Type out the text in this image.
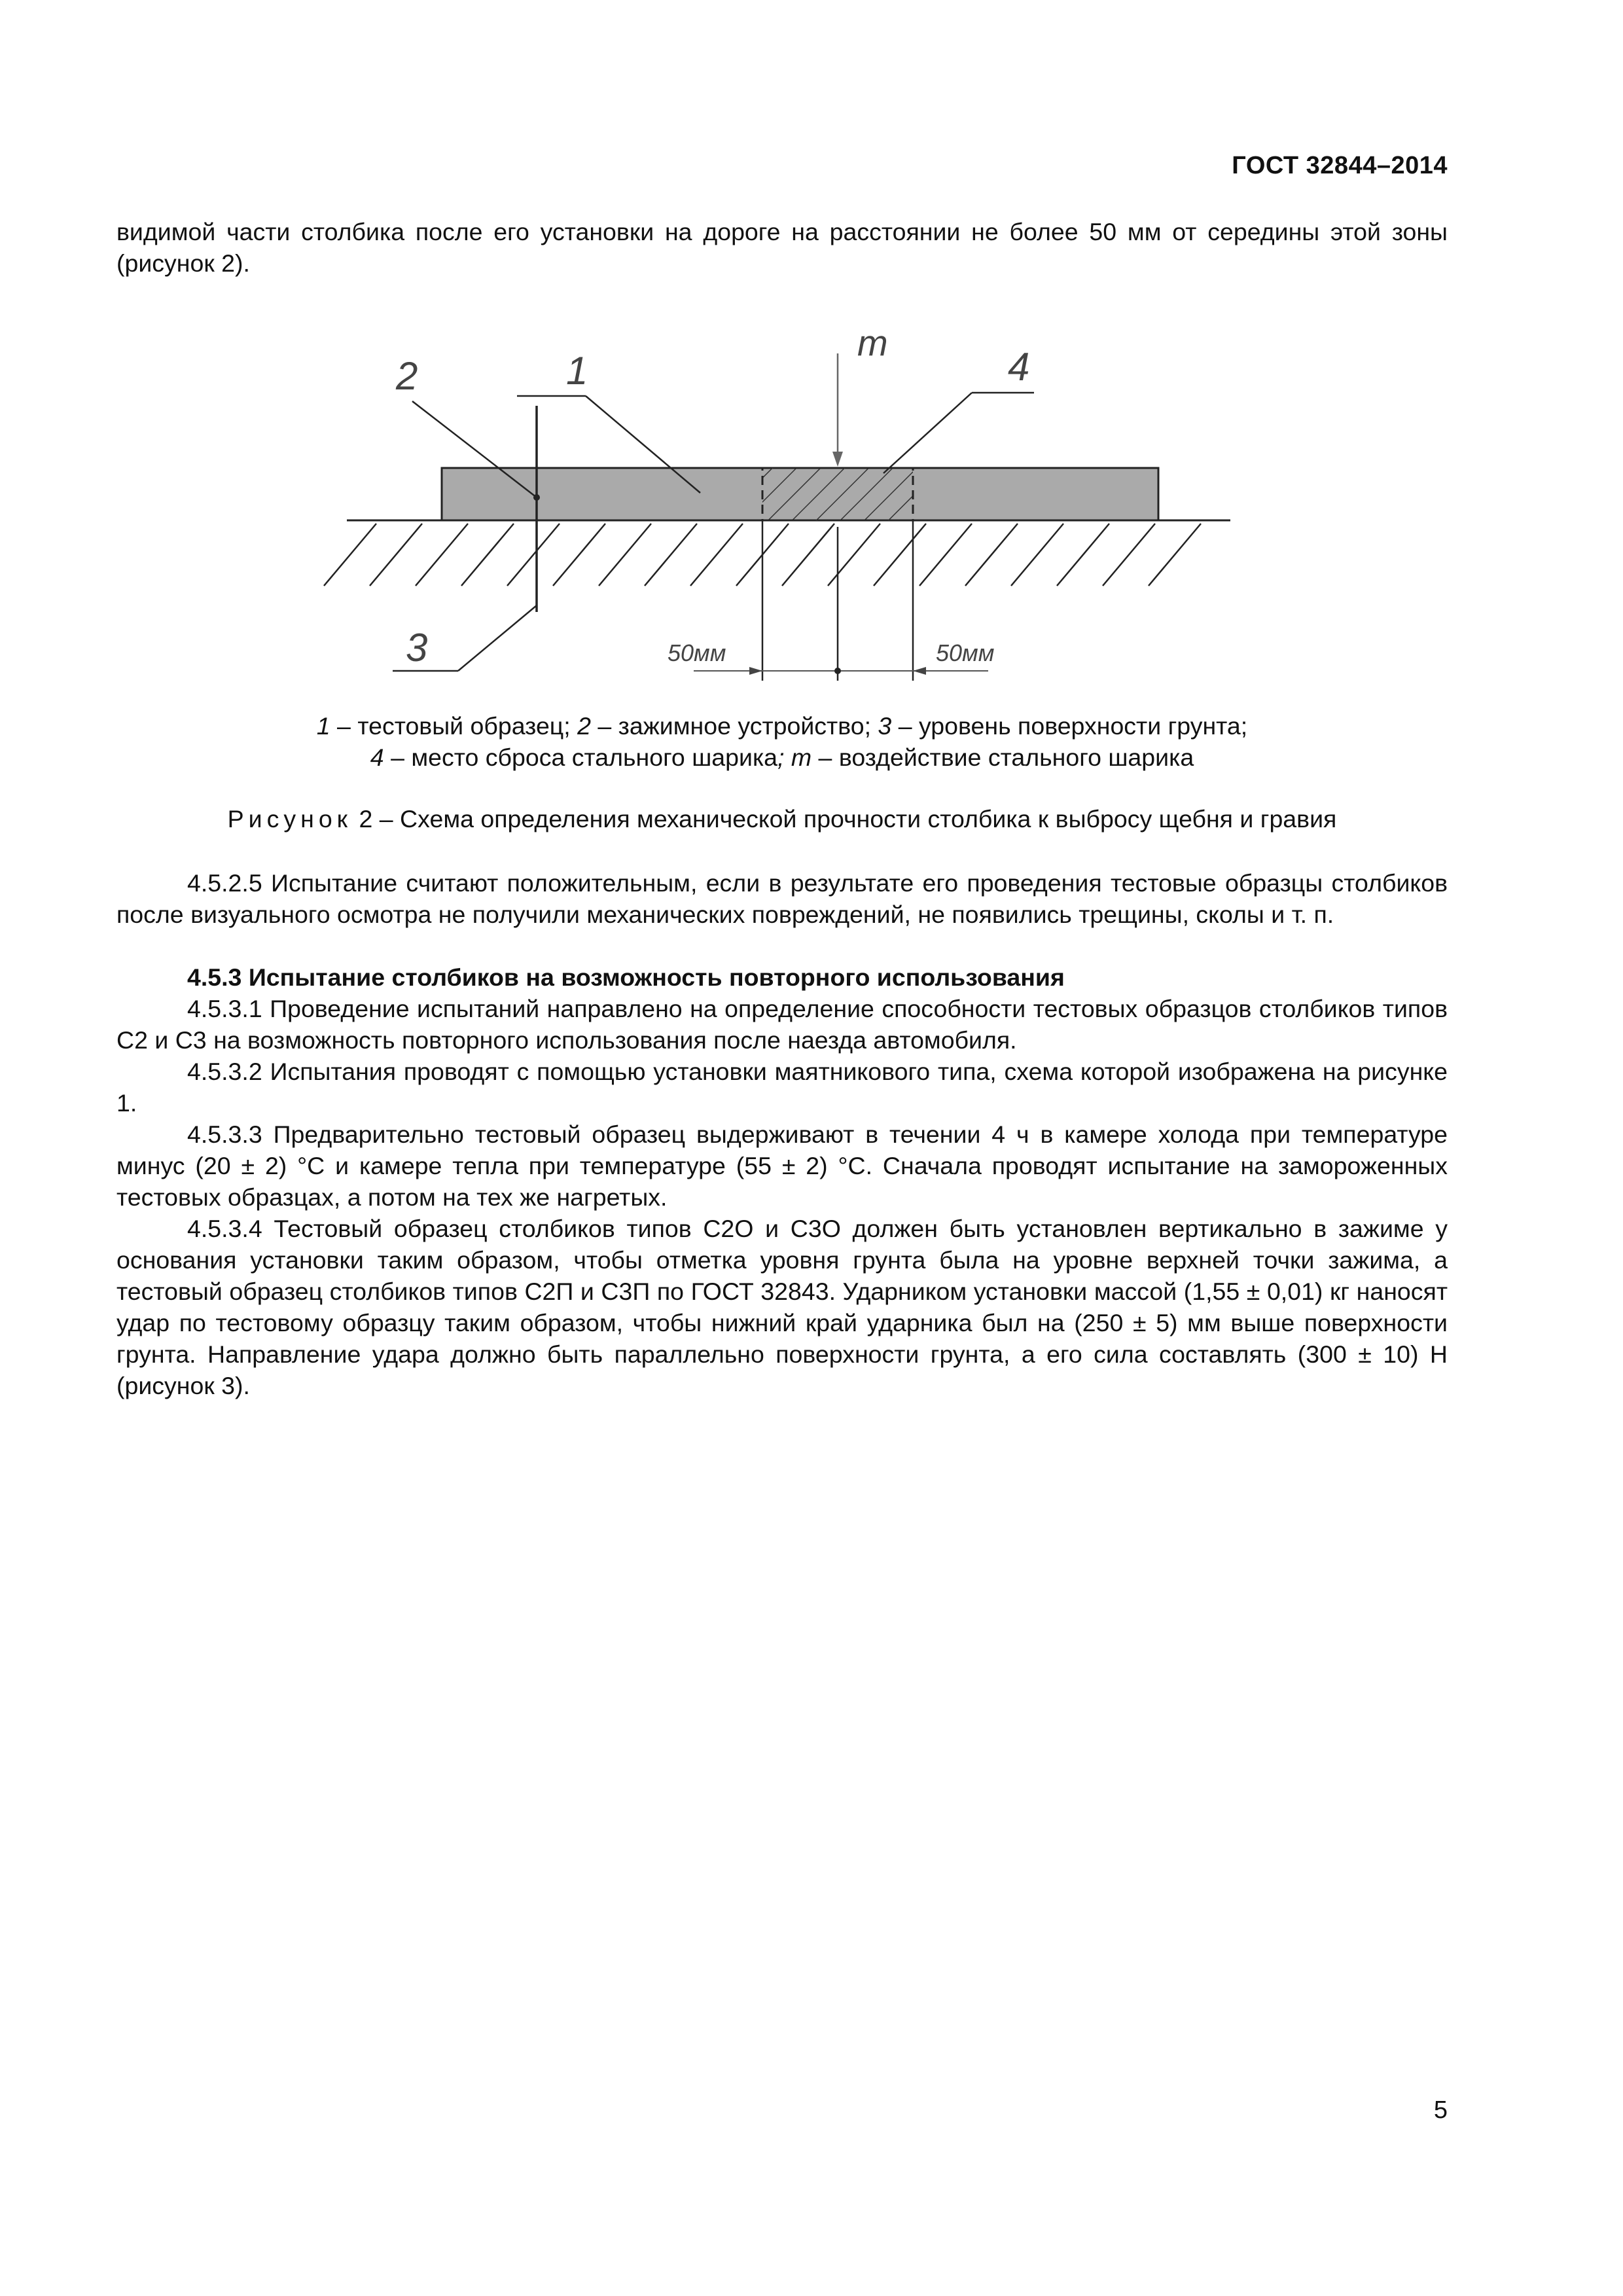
ГОСТ 32844–2014

видимой части столбика после его установки на дороге на расстоянии не более 50 мм от середины этой зоны (рисунок 2).

2	1
m
4
3	50мм	50мм
1 – тестовый образец; 2 – зажимное устройство; 3 – уровень поверхности грунта;
4 – место сброса стального шарика; m – воздействие стального шарика
Рисунок 2 – Схема определения механической прочности столбика к выбросу щебня и гравия

4.5.2.5 Испытание считают положительным, если в результате его проведения тестовые образцы столбиков после визуального осмотра не получили механических повреждений, не появились трещины, сколы и т. п.

4.5.3 Испытание столбиков на возможность повторного использования

4.5.3.1 Проведение испытаний направлено на определение способности тестовых образцов столбиков типов С2 и С3 на возможность повторного использования после наезда автомобиля.

4.5.3.2 Испытания проводят с помощью установки маятникового типа, схема которой изображена на рисунке 1.

4.5.3.3 Предварительно тестовый образец выдерживают в течении 4 ч в камере холода при температуре минус (20 ± 2) °С и камере тепла при температуре (55 ± 2) °С. Сначала проводят испытание на замороженных тестовых образцах, а потом на тех же нагретых.

4.5.3.4 Тестовый образец столбиков типов С2О и С3О должен быть установлен вертикально в зажиме у основания установки таким образом, чтобы отметка уровня грунта была на уровне верхней точки зажима, а тестовый образец столбиков типов С2П и С3П по ГОСТ 32843. Ударником установки массой (1,55 ± 0,01) кг наносят удар по тестовому образцу таким образом, чтобы нижний край ударника был на (250 ± 5) мм выше поверхности грунта. Направление удара должно быть параллельно поверхности грунта, а его сила составлять (300 ± 10) Н (рисунок 3).

5
